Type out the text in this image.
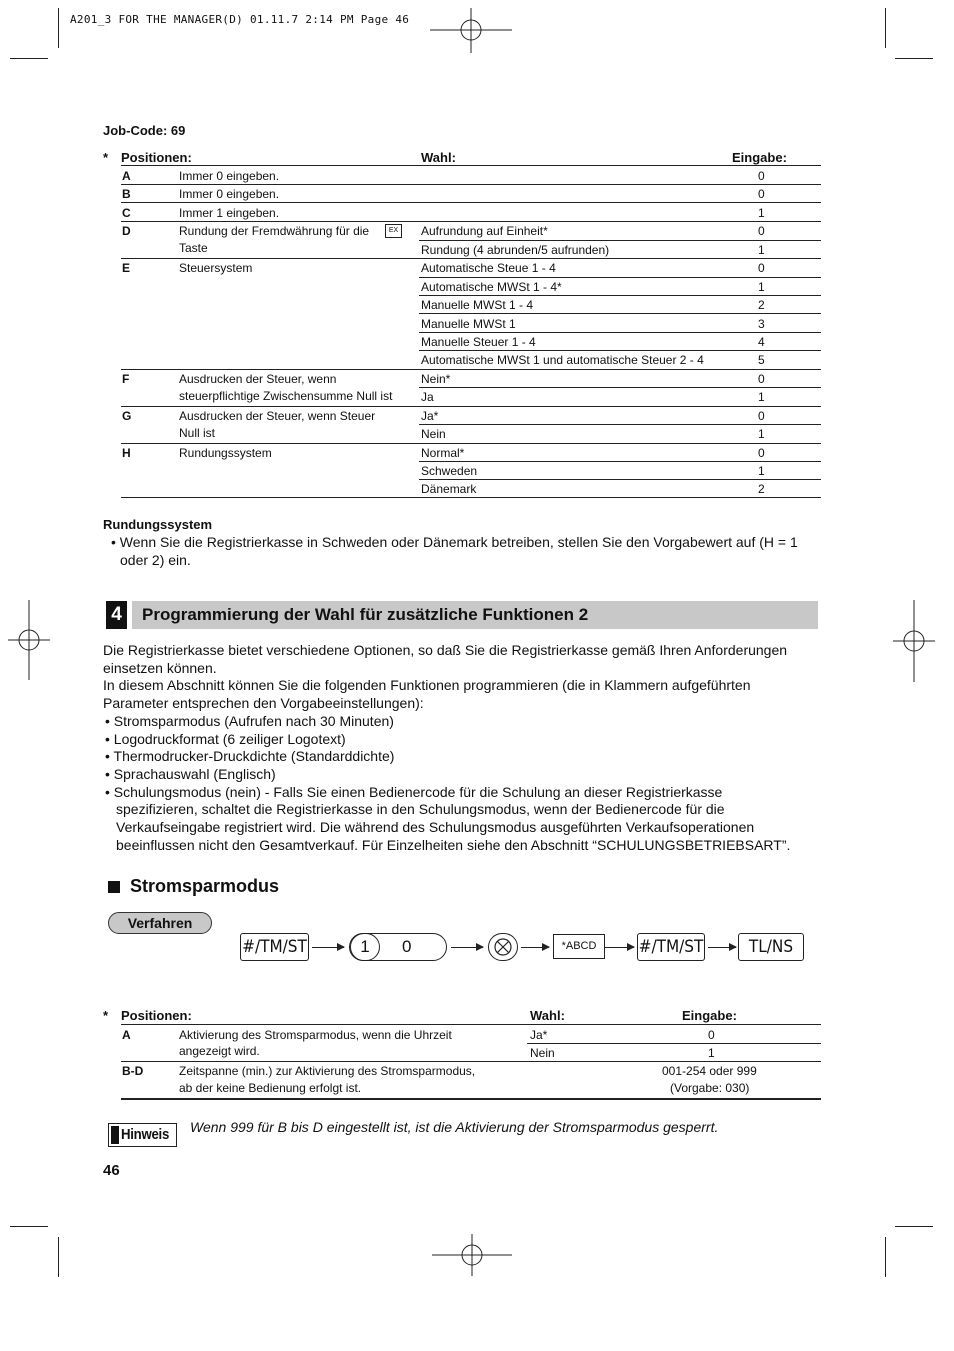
A201_3 FOR THE MANAGER(D) 01.11.7 2:14 PM Page 46
Job-Code: 69
* Positionen:	Wahl:	Eingabe:
A	Immer 0 eingeben.	0
B	Immer 0 eingeben.	0
C	Immer 1 eingeben.	1
D	Rundung der Fremdwährung für die	EX
Taste
Aufrundung auf Einheit*	0
Rundung (4 abrunden/5 aufrunden)	1
E	Steuersystem	Automatische Steue 1 - 4	0
Automatische MWSt 1 - 4*	1
Manuelle MWSt 1 - 4	2
Manuelle MWSt 1	3
Manuelle Steuer 1 - 4	4
Automatische MWSt 1 und automatische Steuer 2 - 4	5
F	Ausdrucken der Steuer, wenn
steuerpflichtige Zwischensumme Null ist
Nein*	0
Ja	1
G	Ausdrucken der Steuer, wenn Steuer
Null ist
Ja*	0
Nein	1
H	Rundungssystem	Normal*	0
Schweden	1
Dänemark	2
Rundungssystem
• Wenn Sie die Registrierkasse in Schweden oder Dänemark betreiben, stellen Sie den Vorgabewert auf (H = 1
oder 2) ein.
4	Programmierung der Wahl für zusätzliche Funktionen 2
Die Registrierkasse bietet verschiedene Optionen, so daß Sie die Registrierkasse gemäß Ihren Anforderungen
einsetzen können.
In diesem Abschnitt können Sie die folgenden Funktionen programmieren (die in Klammern aufgeführten
Parameter entsprechen den Vorgabeeinstellungen):
• Stromsparmodus (Aufrufen nach 30 Minuten)
• Logodruckformat (6 zeiliger Logotext)
• Thermodrucker-Druckdichte (Standarddichte)
• Sprachauswahl (Englisch)
• Schulungsmodus (nein) - Falls Sie einen Bedienercode für die Schulung an dieser Registrierkasse
spezifizieren, schaltet die Registrierkasse in den Schulungsmodus, wenn der Bedienercode für die
Verkaufseingabe registriert wird. Die während des Schulungsmodus ausgeführten Verkaufsoperationen
beeinflussen nicht den Gesamtverkauf. Für Einzelheiten siehe den Abschnitt “SCHULUNGSBETRIEBSART”.
Stromsparmodus
Verfahren
#/TM/ST	1	0	*ABCD	#/TM/ST	TL/NS
* Positionen:	Wahl:	Eingabe:
A	Aktivierung des Stromsparmodus, wenn die Uhrzeit
angezeigt wird.
Ja*	0
Nein	1
B-D	Zeitspanne (min.) zur Aktivierung des Stromsparmodus,
ab der keine Bedienung erfolgt ist.
001-254 oder 999
(Vorgabe: 030)
Hinweis Wenn 999 für B bis D eingestellt ist, ist die Aktivierung der Stromsparmodus gesperrt.
46
